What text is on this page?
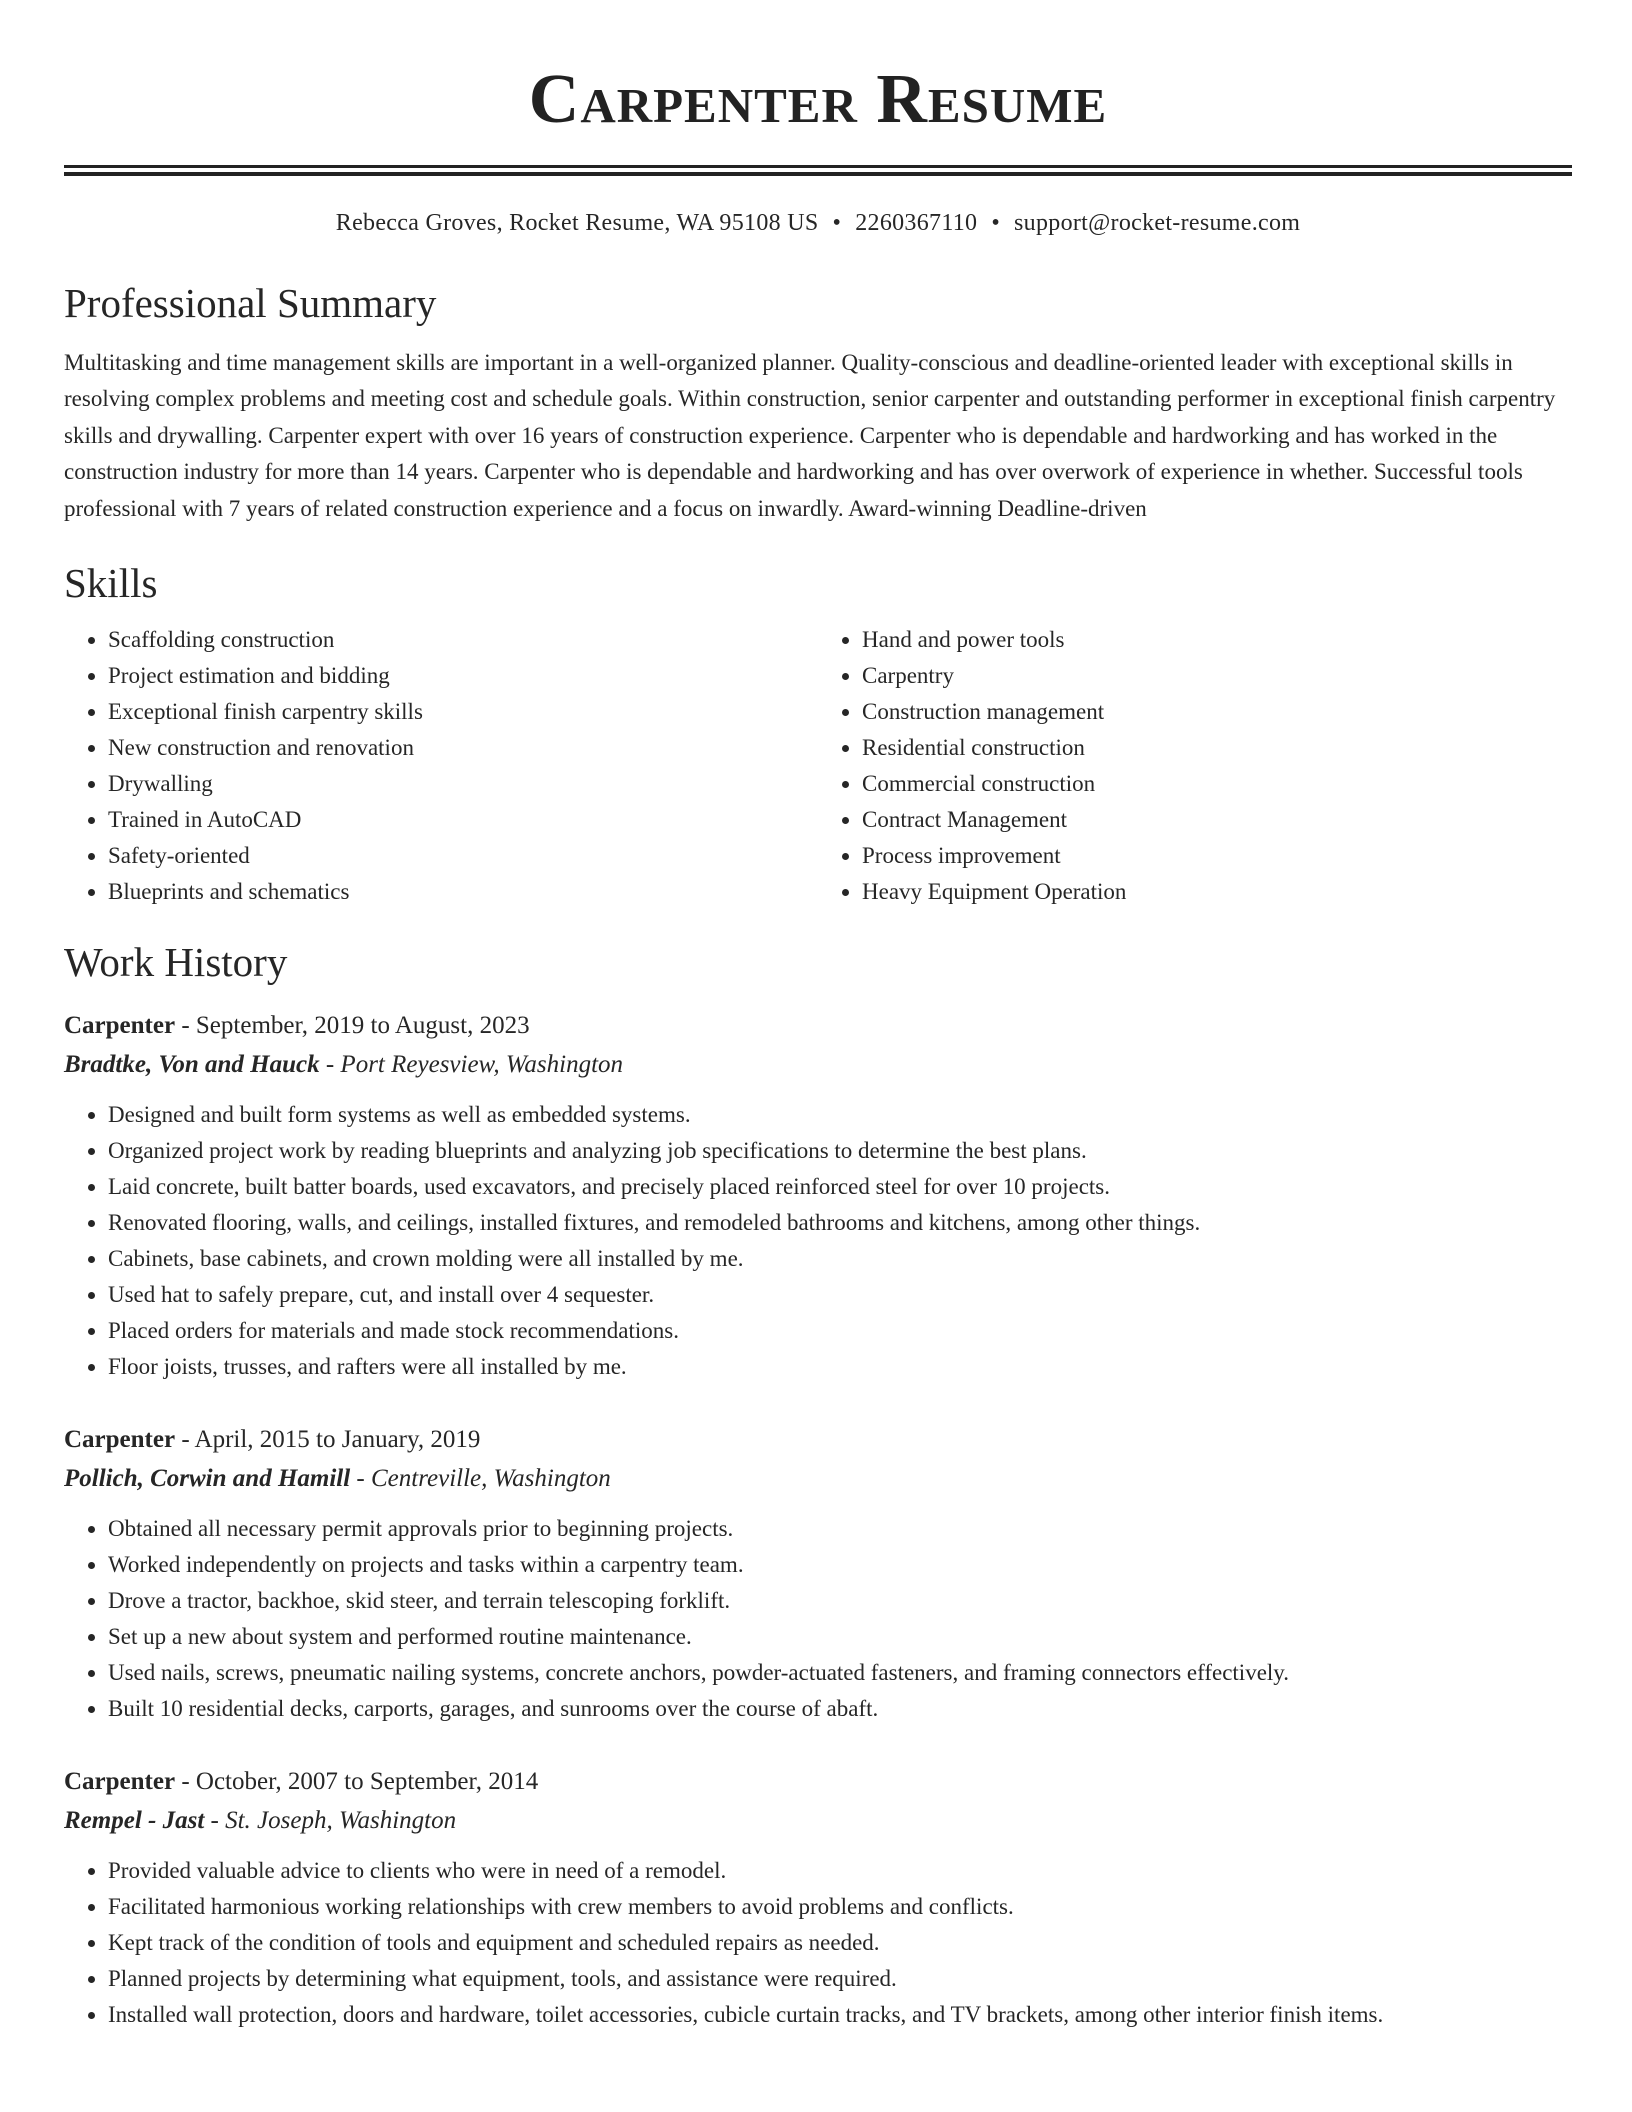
Carpenter Resume
Rebecca Groves, Rocket Resume, WA 95108 US • 2260367110 • support@rocket-resume.com
Professional Summary
Multitasking and time management skills are important in a well-organized planner. Quality-conscious and deadline-oriented leader with exceptional skills in resolving complex problems and meeting cost and schedule goals. Within construction, senior carpenter and outstanding performer in exceptional finish carpentry skills and drywalling. Carpenter expert with over 16 years of construction experience. Carpenter who is dependable and hardworking and has worked in the construction industry for more than 14 years. Carpenter who is dependable and hardworking and has over overwork of experience in whether. Successful tools professional with 7 years of related construction experience and a focus on inwardly. Award-winning Deadline-driven
Skills
• Scaffolding construction
• Project estimation and bidding
• Exceptional finish carpentry skills
• New construction and renovation
• Drywalling
• Trained in AutoCAD
• Safety-oriented
• Blueprints and schematics
• Hand and power tools
• Carpentry
• Construction management
• Residential construction
• Commercial construction
• Contract Management
• Process improvement
• Heavy Equipment Operation
Work History
Carpenter - September, 2019 to August, 2023
Bradtke, Von and Hauck - Port Reyesview, Washington
• Designed and built form systems as well as embedded systems.
• Organized project work by reading blueprints and analyzing job specifications to determine the best plans.
• Laid concrete, built batter boards, used excavators, and precisely placed reinforced steel for over 10 projects.
• Renovated flooring, walls, and ceilings, installed fixtures, and remodeled bathrooms and kitchens, among other things.
• Cabinets, base cabinets, and crown molding were all installed by me.
• Used hat to safely prepare, cut, and install over 4 sequester.
• Placed orders for materials and made stock recommendations.
• Floor joists, trusses, and rafters were all installed by me.
Carpenter - April, 2015 to January, 2019
Pollich, Corwin and Hamill - Centreville, Washington
• Obtained all necessary permit approvals prior to beginning projects.
• Worked independently on projects and tasks within a carpentry team.
• Drove a tractor, backhoe, skid steer, and terrain telescoping forklift.
• Set up a new about system and performed routine maintenance.
• Used nails, screws, pneumatic nailing systems, concrete anchors, powder-actuated fasteners, and framing connectors effectively.
• Built 10 residential decks, carports, garages, and sunrooms over the course of abaft.
Carpenter - October, 2007 to September, 2014
Rempel - Jast - St. Joseph, Washington
• Provided valuable advice to clients who were in need of a remodel.
• Facilitated harmonious working relationships with crew members to avoid problems and conflicts.
• Kept track of the condition of tools and equipment and scheduled repairs as needed.
• Planned projects by determining what equipment, tools, and assistance were required.
• Installed wall protection, doors and hardware, toilet accessories, cubicle curtain tracks, and TV brackets, among other interior finish items.
